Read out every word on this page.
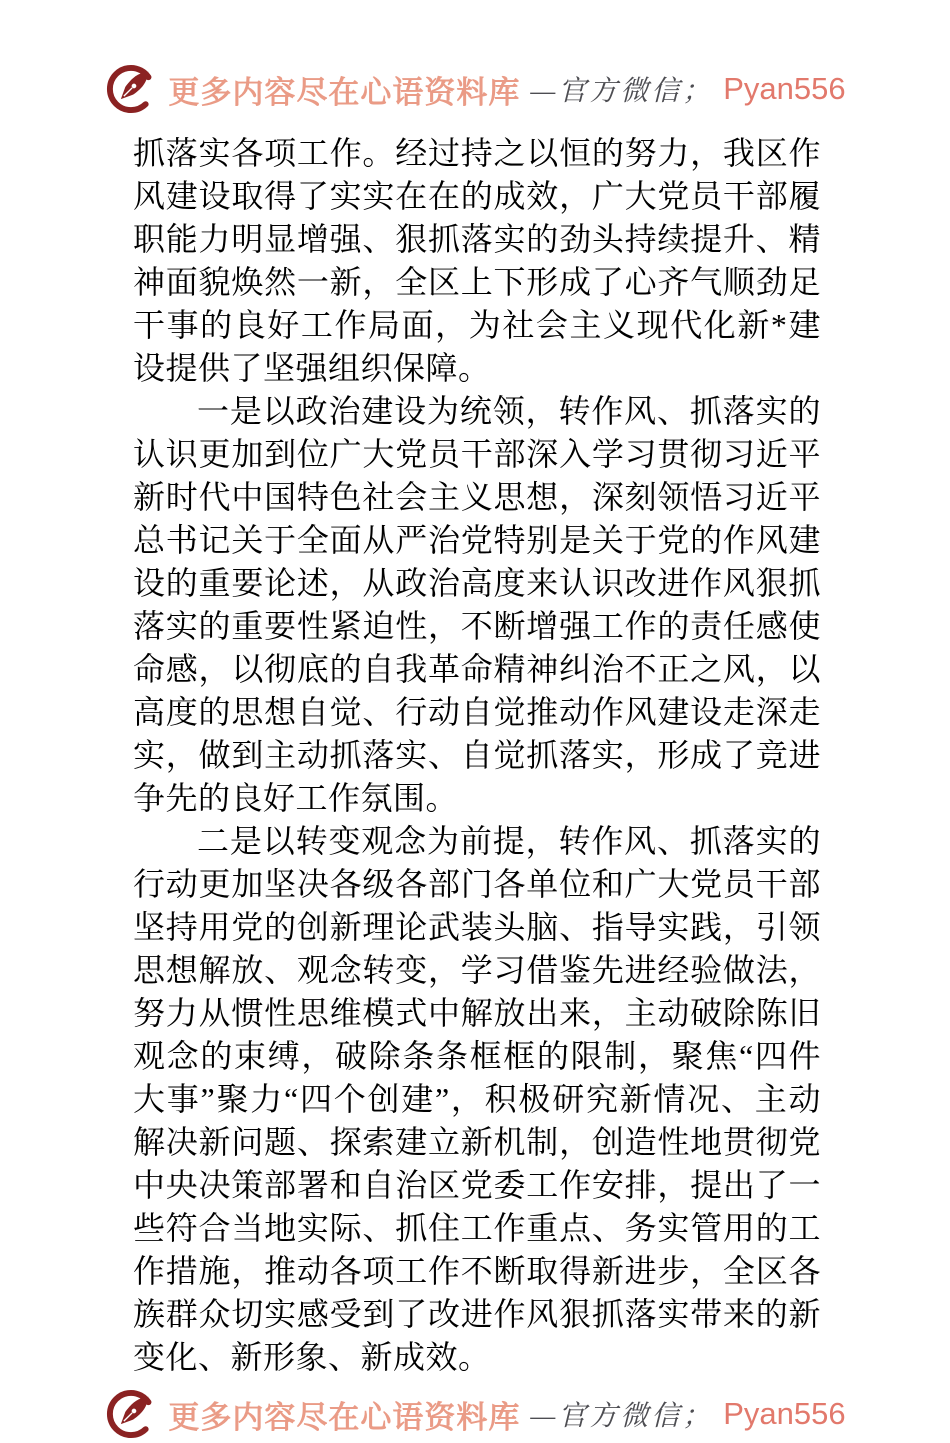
更多内容尽在心语资料库 —官方微信； Pyan556

抓落实各项工作。经过持之以恒的努力，我区作风建设取得了实实在在的成效，广大党员干部履职能力明显增强、狠抓落实的劲头持续提升、精神面貌焕然一新，全区上下形成了心齐气顺劲足干事的良好工作局面，为社会主义现代化新*建设提供了坚强组织保障。

一是以政治建设为统领，转作风、抓落实的认识更加到位广大党员干部深入学习贯彻习近平新时代中国特色社会主义思想，深刻领悟习近平总书记关于全面从严治党特别是关于党的作风建设的重要论述，从政治高度来认识改进作风狠抓落实的重要性紧迫性，不断增强工作的责任感使命感，以彻底的自我革命精神纠治不正之风，以高度的思想自觉、行动自觉推动作风建设走深走实，做到主动抓落实、自觉抓落实，形成了竞进争先的良好工作氛围。

二是以转变观念为前提，转作风、抓落实的行动更加坚决各级各部门各单位和广大党员干部坚持用党的创新理论武装头脑、指导实践，引领思想解放、观念转变，学习借鉴先进经验做法，努力从惯性思维模式中解放出来，主动破除陈旧观念的束缚，破除条条框框的限制，聚焦“四件大事”聚力“四个创建”，积极研究新情况、主动解决新问题、探索建立新机制，创造性地贯彻党中央决策部署和自治区党委工作安排，提出了一些符合当地实际、抓住工作重点、务实管用的工作措施，推动各项工作不断取得新进步，全区各族群众切实感受到了改进作风狠抓落实带来的新变化、新形象、新成效。

更多内容尽在心语资料库 —官方微信； Pyan556
